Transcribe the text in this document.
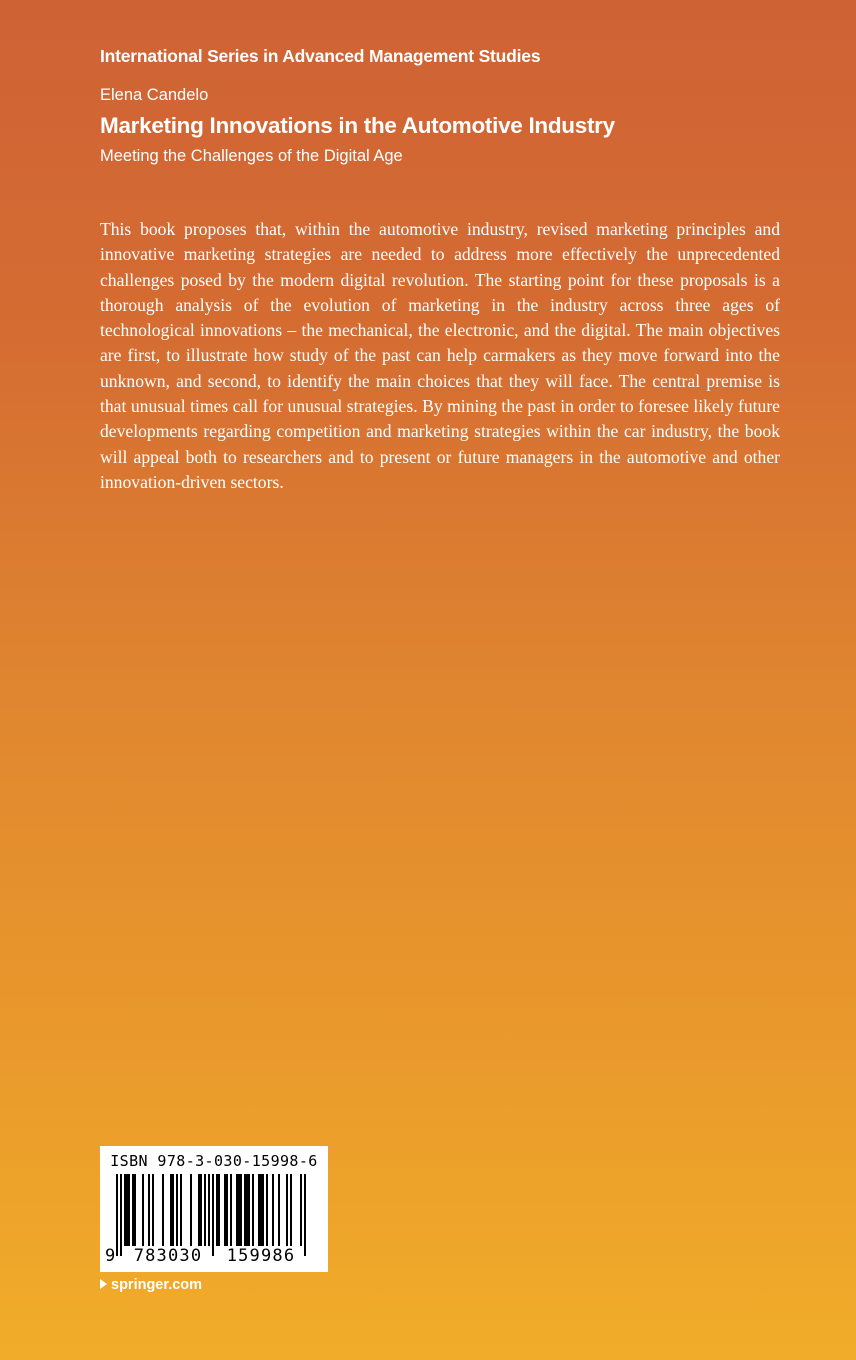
International Series in Advanced Management Studies
Elena Candelo
Marketing Innovations in the Automotive Industry
Meeting the Challenges of the Digital Age

This book proposes that, within the automotive industry, revised marketing principles and innovative marketing strategies are needed to address more effectively the unprecedented challenges posed by the modern digital revolution. The starting point for these proposals is a thorough analysis of the evolution of marketing in the industry across three ages of technological innovations – the mechanical, the electronic, and the digital. The main objectives are first, to illustrate how study of the past can help carmakers as they move forward into the unknown, and second, to identify the main choices that they will face. The central premise is that unusual times call for unusual strategies. By mining the past in order to foresee likely future developments regarding competition and marketing strategies within the car industry, the book will appeal both to researchers and to present or future managers in the automotive and other innovation-driven sectors.

ISBN 978-3-030-15998-6
9	783030	159986
springer.com
